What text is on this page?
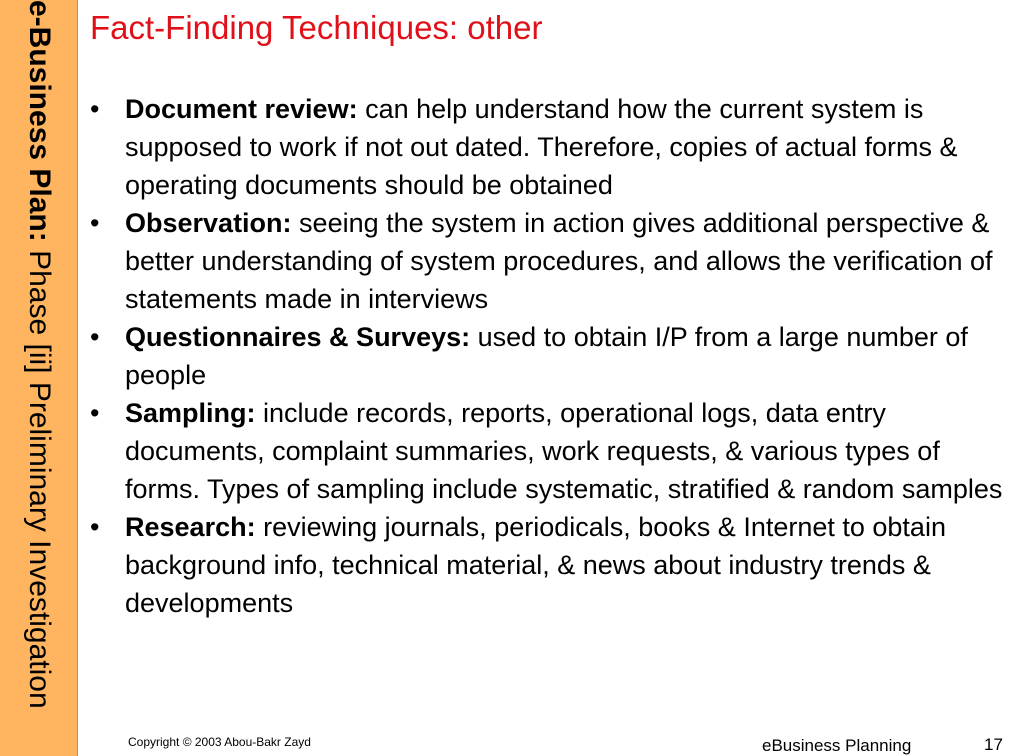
e-Business Plan: Phase [ii] Preliminary Investigation
Fact-Finding Techniques: other
• Document review: can help understand how the current system is supposed to work if not out dated. Therefore, copies of actual forms & operating documents should be obtained
• Observation: seeing the system in action gives additional perspective & better understanding of system procedures, and allows the verification of statements made in interviews
• Questionnaires & Surveys: used to obtain I/P from a large number of people
• Sampling: include records, reports, operational logs, data entry documents, complaint summaries, work requests, & various types of forms. Types of sampling include systematic, stratified & random samples
• Research: reviewing journals, periodicals, books & Internet to obtain background info, technical material, & news about industry trends & developments
Copyright © 2003 Abou-Bakr Zayd	eBusiness Planning	17
